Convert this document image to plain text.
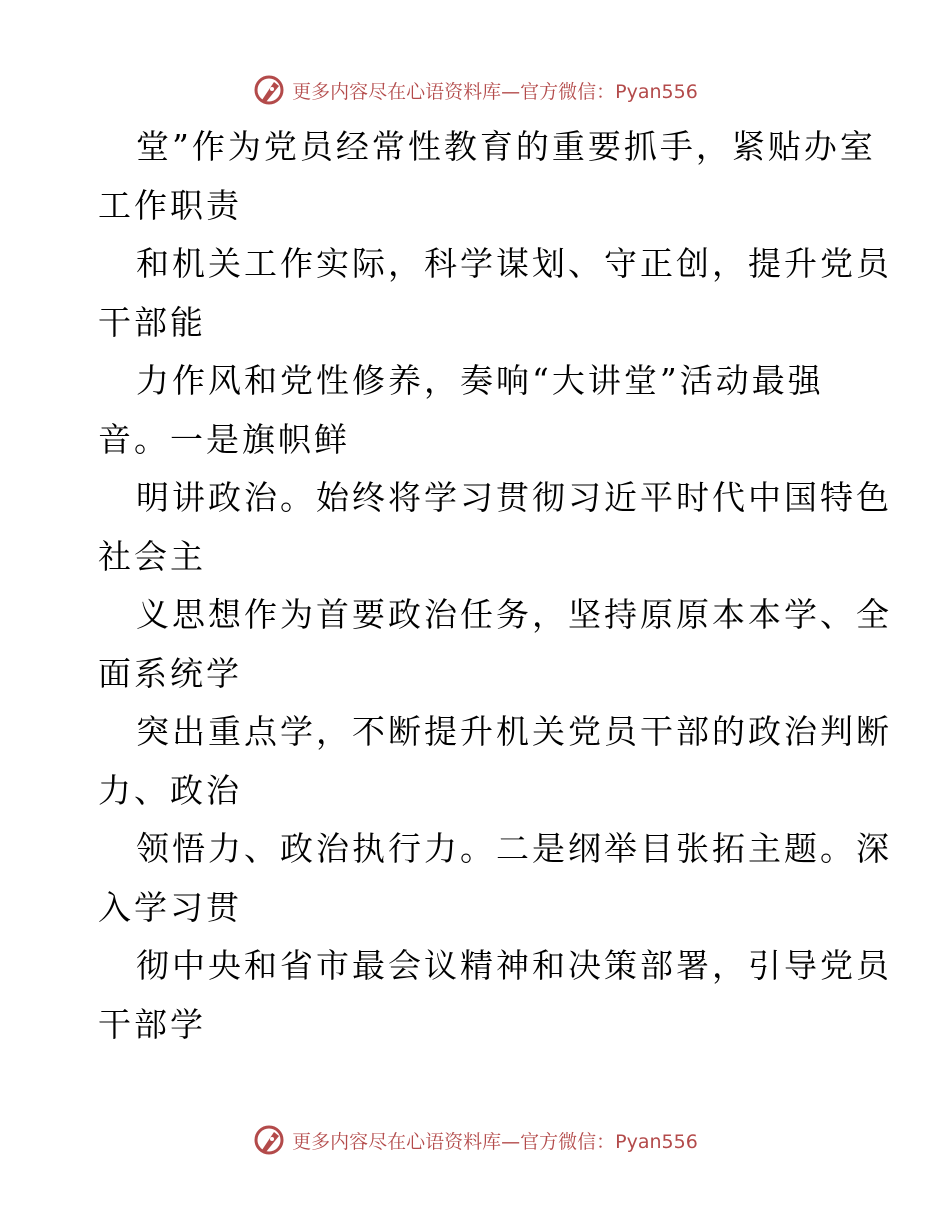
更多内容尽在心语资料库—官方微信：Pyan556
堂”作为党员经常性教育的重要抓手，紧贴办室
工作职责
和机关工作实际，科学谋划、守正创，提升党员
干部能
力作风和党性修养，奏响“大讲堂”活动最强
音。一是旗帜鲜
明讲政治。始终将学习贯彻习近平时代中国特色
社会主
义思想作为首要政治任务，坚持原原本本学、全
面系统学
突出重点学，不断提升机关党员干部的政治判断
力、政治
领悟力、政治执行力。二是纲举目张拓主题。深
入学习贯
彻中央和省市最会议精神和决策部署，引导党员
干部学
更多内容尽在心语资料库—官方微信：Pyan556
